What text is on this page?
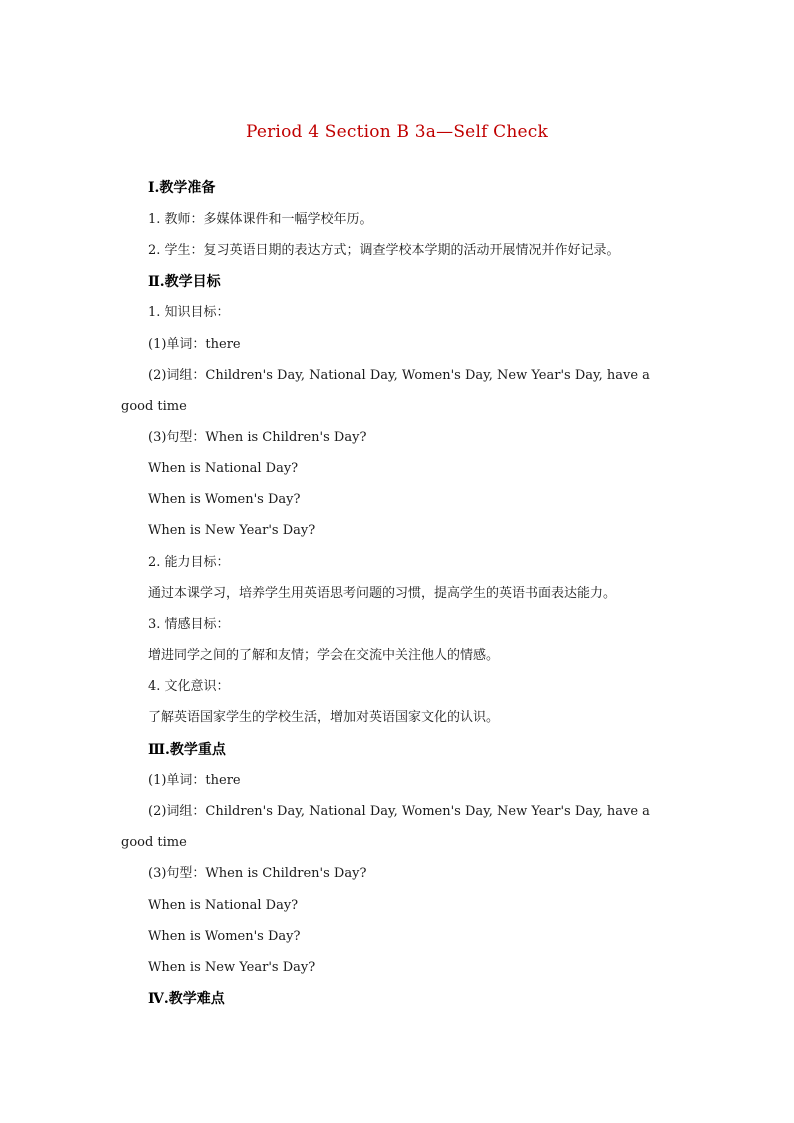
Period 4 Section B 3a—Self Check
Ⅰ.教学准备
1. 教师：多媒体课件和一幅学校年历。
2. 学生：复习英语日期的表达方式；调查学校本学期的活动开展情况并作好记录。
Ⅱ.教学目标
1. 知识目标：
(1)单词：there
(2)词组：Children's Day, National Day, Women's Day, New Year's Day, have a
good time
(3)句型：When is Children's Day?
When is National Day?
When is Women's Day?
When is New Year's Day?
2. 能力目标：
通过本课学习，培养学生用英语思考问题的习惯，提高学生的英语书面表达能力。
3. 情感目标：
增进同学之间的了解和友情；学会在交流中关注他人的情感。
4. 文化意识：
了解英语国家学生的学校生活，增加对英语国家文化的认识。
Ⅲ.教学重点
(1)单词：there
(2)词组：Children's Day, National Day, Women's Day, New Year's Day, have a
good time
(3)句型：When is Children's Day?
When is National Day?
When is Women's Day?
When is New Year's Day?
Ⅳ.教学难点
